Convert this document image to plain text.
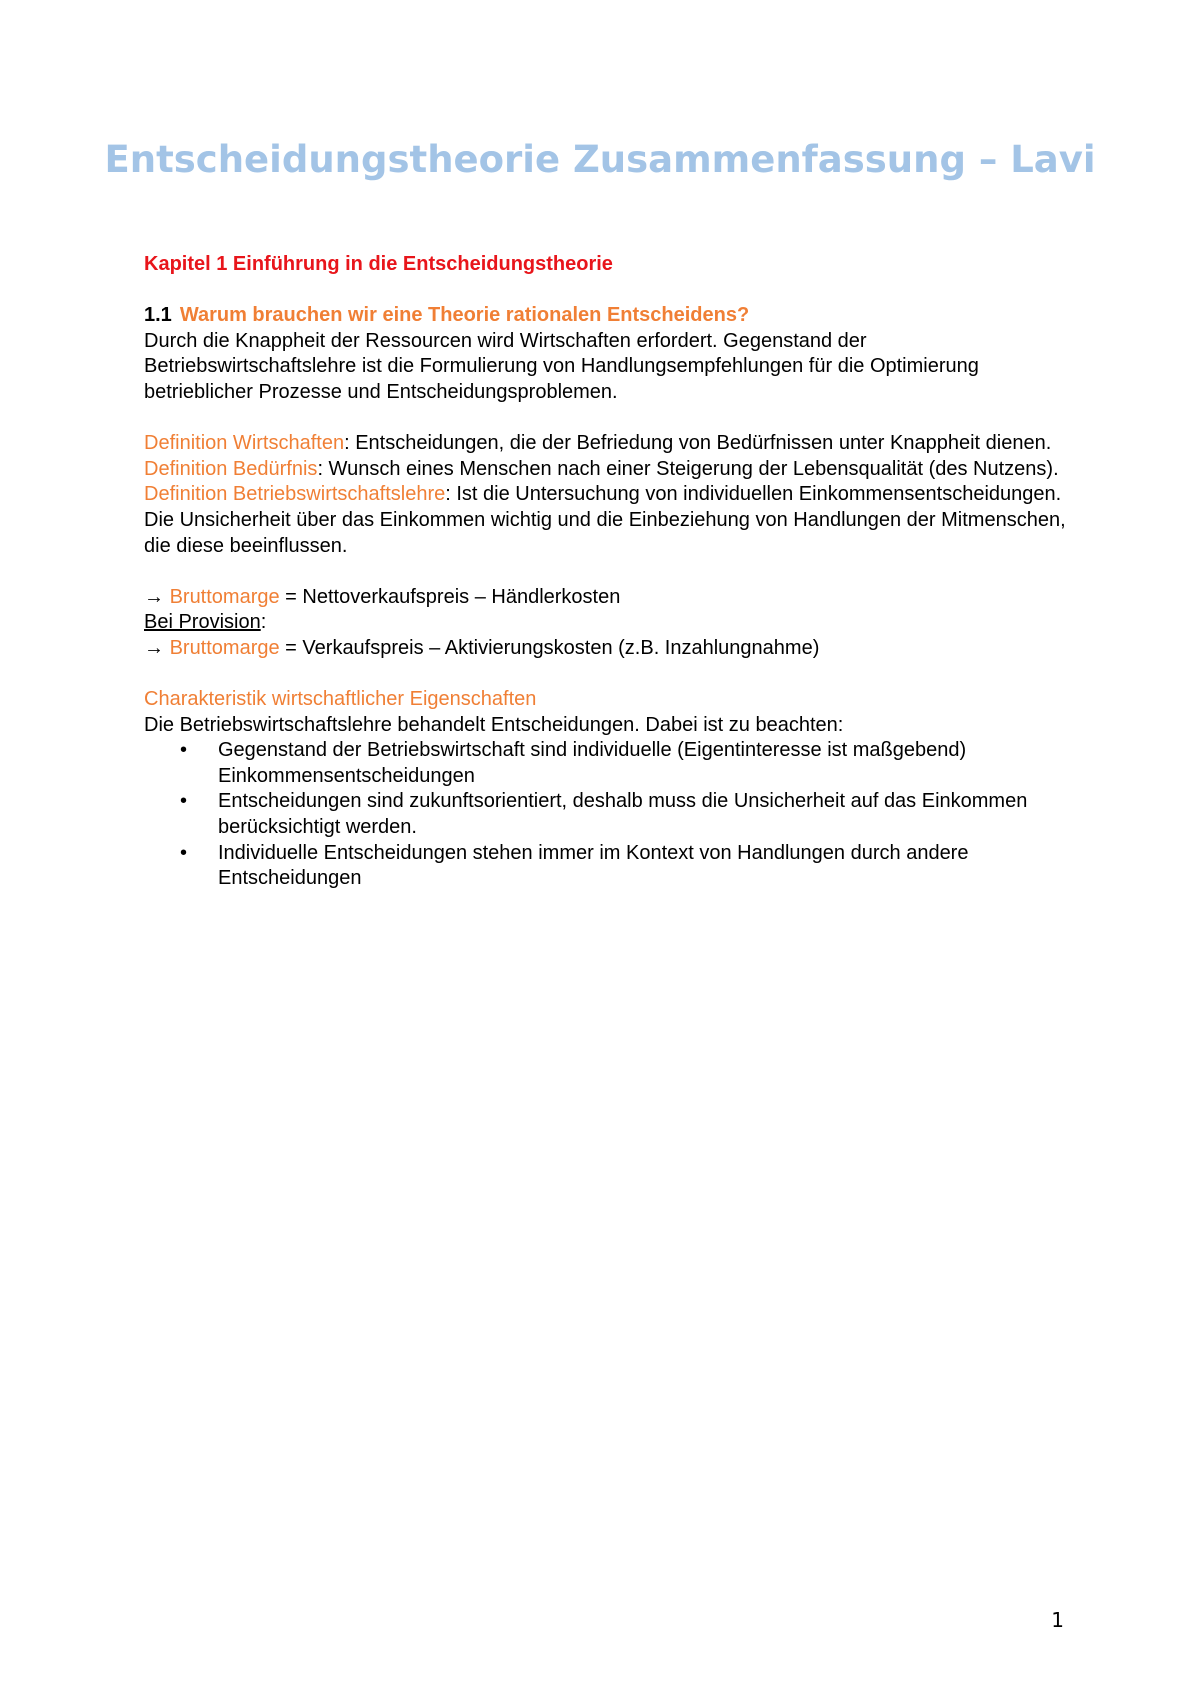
Entscheidungstheorie Zusammenfassung – Lavi

Kapitel 1 Einführung in die Entscheidungstheorie

1.1 Warum brauchen wir eine Theorie rationalen Entscheidens?

Durch die Knappheit der Ressourcen wird Wirtschaften erfordert. Gegenstand der Betriebswirtschaftslehre ist die Formulierung von Handlungsempfehlungen für die Optimierung betrieblicher Prozesse und Entscheidungsproblemen.

Definition Wirtschaften: Entscheidungen, die der Befriedung von Bedürfnissen unter Knappheit dienen.

Definition Bedürfnis: Wunsch eines Menschen nach einer Steigerung der Lebensqualität (des Nutzens).

Definition Betriebswirtschaftslehre: Ist die Untersuchung von individuellen Einkommensentscheidungen. Die Unsicherheit über das Einkommen wichtig und die Einbeziehung von Handlungen der Mitmenschen, die diese beeinflussen.

→ Bruttomarge = Nettoverkaufspreis – Händlerkosten

Bei Provision:

→ Bruttomarge = Verkaufspreis – Aktivierungskosten (z.B. Inzahlungnahme)

Charakteristik wirtschaftlicher Eigenschaften

Die Betriebswirtschaftslehre behandelt Entscheidungen. Dabei ist zu beachten:

• Gegenstand der Betriebswirtschaft sind individuelle (Eigentinteresse ist maßgebend) Einkommensentscheidungen
• Entscheidungen sind zukunftsorientiert, deshalb muss die Unsicherheit auf das Einkommen berücksichtigt werden.
• Individuelle Entscheidungen stehen immer im Kontext von Handlungen durch andere Entscheidungen
1
